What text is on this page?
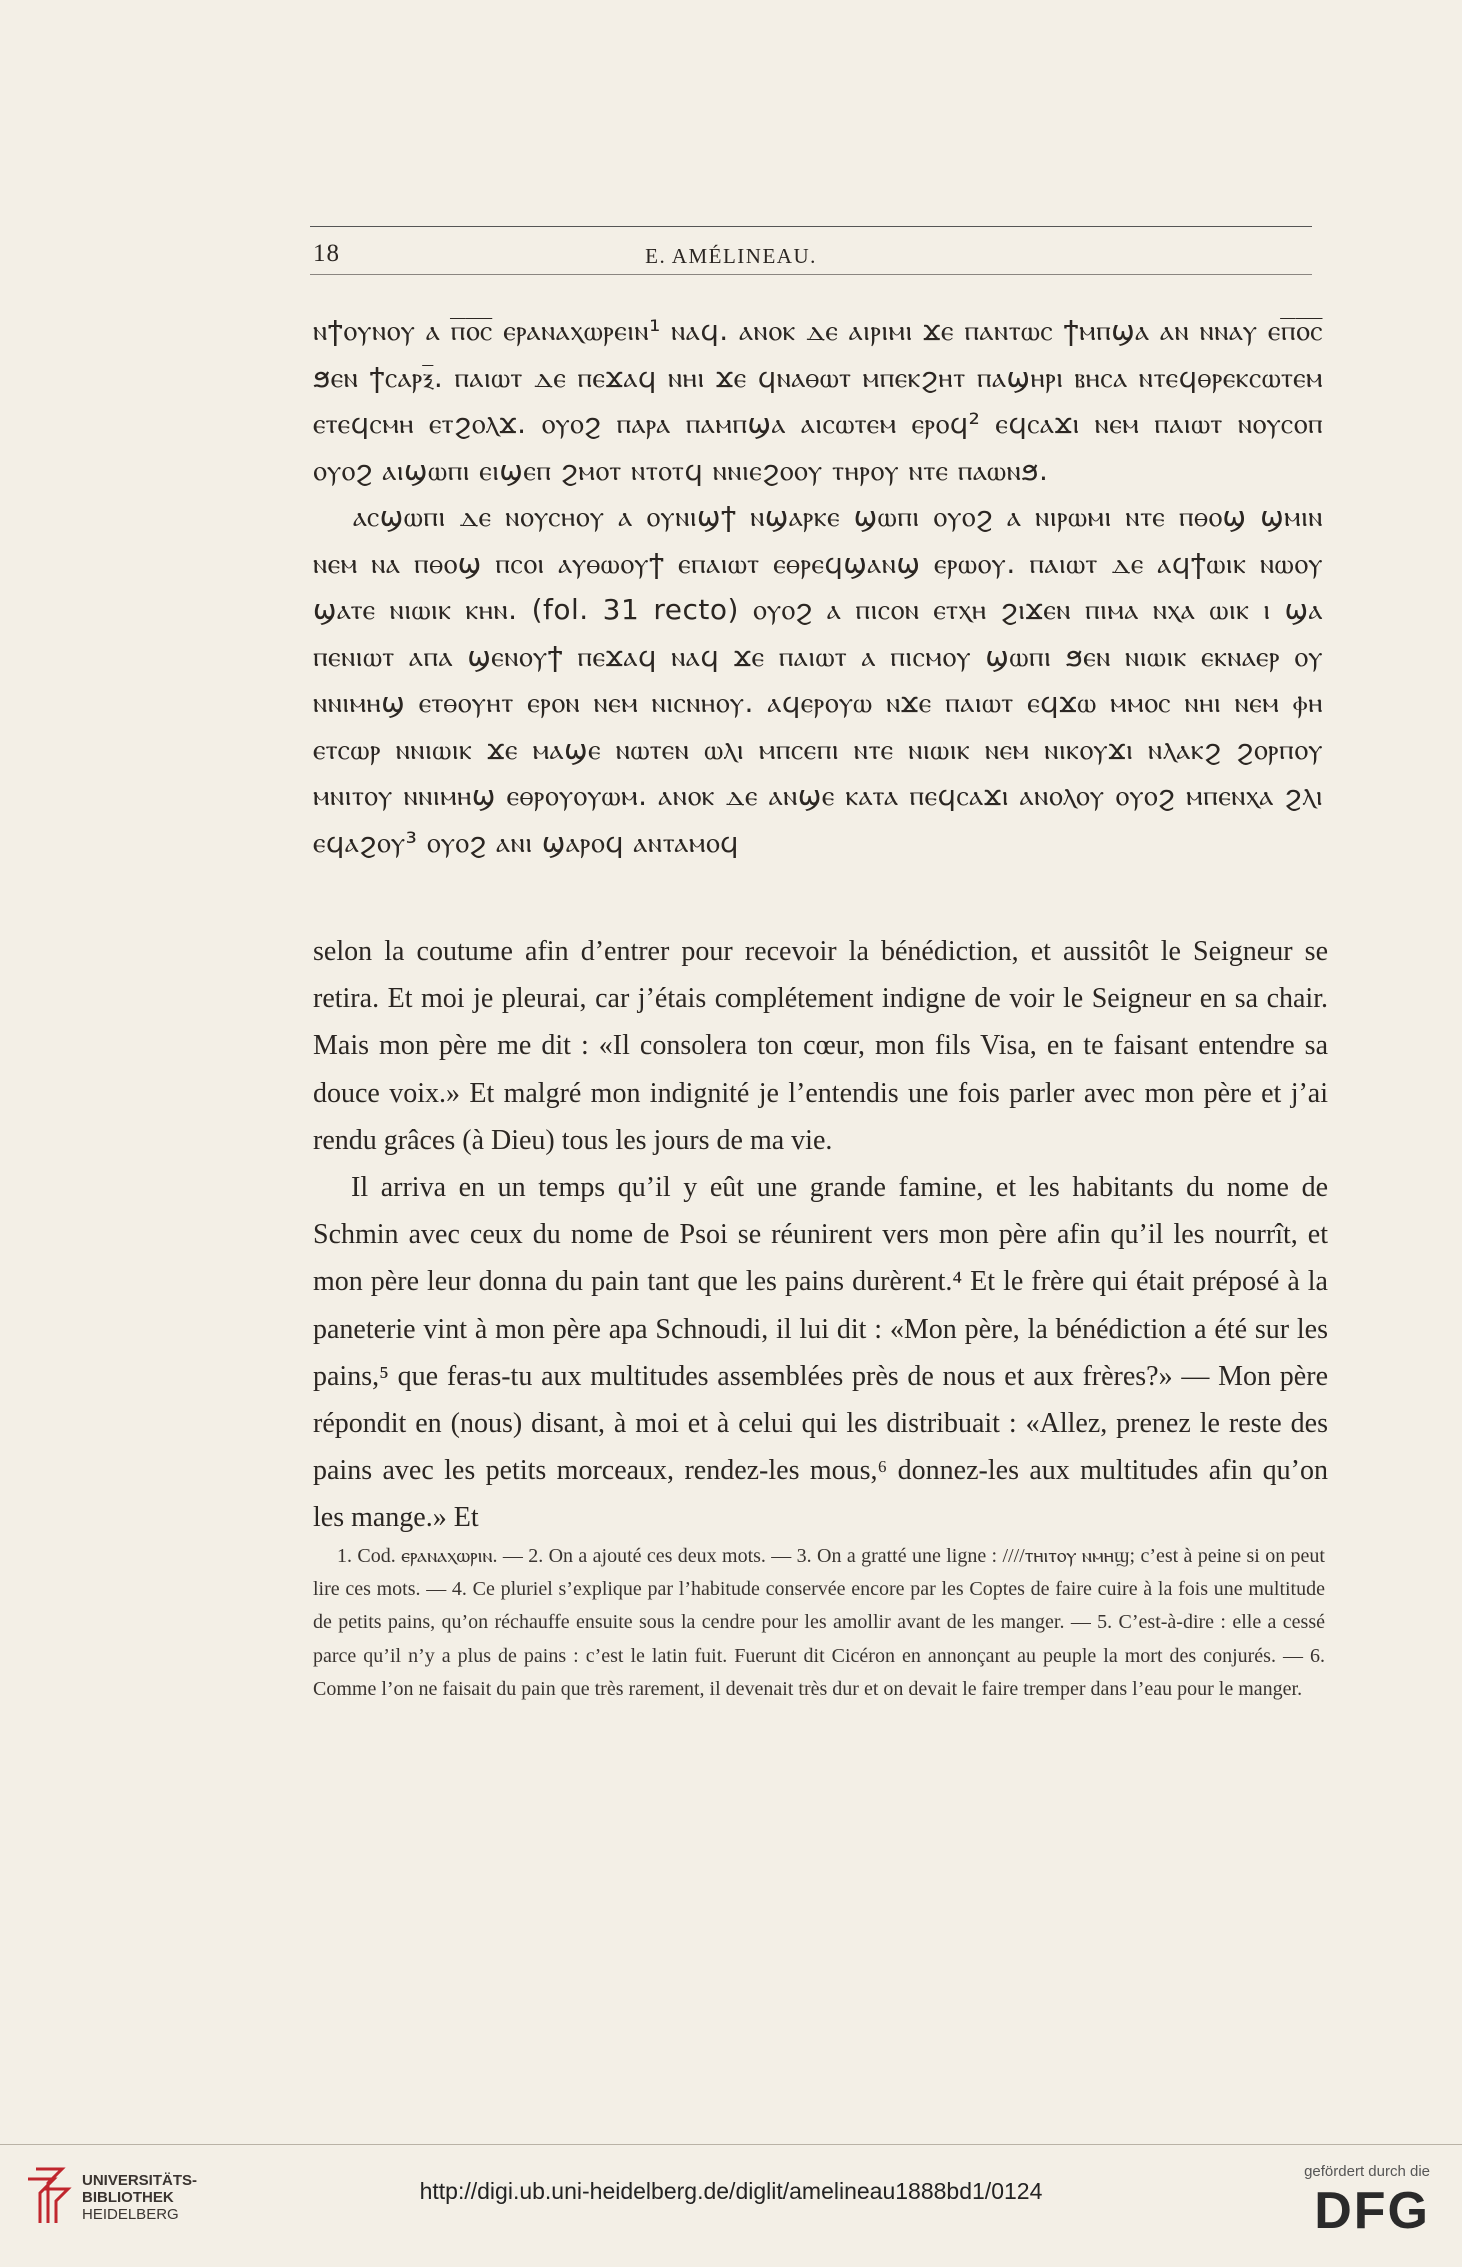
18	E. AMÉLINEAU.

ⲛϯⲟⲩⲛⲟⲩ ⲁ ⲡ̅ⲟ̅ⲥ̅ ⲉⲣⲁⲛⲁⲭⲱⲣⲉⲓⲛ¹ ⲛⲁϥ. ⲁⲛⲟⲕ ⲇⲉ ⲁⲓⲣⲓⲙⲓ ϫⲉ ⲡⲁⲛⲧⲱⲥ ϯⲙⲡϣⲁ ⲁⲛ ⲛⲛⲁⲩ ⲉⲡ̅ⲟ̅ⲥ̅ ϧⲉⲛ ϯⲥⲁⲣⲝ̅. ⲡⲁⲓⲱⲧ ⲇⲉ ⲡⲉϫⲁϥ ⲛⲏⲓ ϫⲉ ϥⲛⲁⲑⲱⲧ ⲙⲡⲉⲕϩⲏⲧ ⲡⲁϣⲏⲣⲓ ⲃⲏⲥⲁ ⲛⲧⲉϥⲑⲣⲉⲕⲥⲱⲧⲉⲙ ⲉⲧⲉϥⲥⲙⲏ ⲉⲧϩⲟⲗϫ. ⲟⲩⲟϩ ⲡⲁⲣⲁ ⲡⲁⲙⲡϣⲁ ⲁⲓⲥⲱⲧⲉⲙ ⲉⲣⲟϥ² ⲉϥⲥⲁϫⲓ ⲛⲉⲙ ⲡⲁⲓⲱⲧ ⲛⲟⲩⲥⲟⲡ ⲟⲩⲟϩ ⲁⲓϣⲱⲡⲓ ⲉⲓϣⲉⲡ ϩⲙⲟⲧ ⲛⲧⲟⲧϥ ⲛⲛⲓⲉϩⲟⲟⲩ ⲧⲏⲣⲟⲩ ⲛⲧⲉ ⲡⲁⲱⲛϧ.

ⲁⲥϣⲱⲡⲓ ⲇⲉ ⲛⲟⲩⲥⲏⲟⲩ ⲁ ⲟⲩⲛⲓϣϯ ⲛϣⲁⲣⲕⲉ ϣⲱⲡⲓ ⲟⲩⲟϩ ⲁ ⲛⲓⲣⲱⲙⲓ ⲛⲧⲉ ⲡⲑⲟϣ ϣⲙⲓⲛ ⲛⲉⲙ ⲛⲁ ⲡⲑⲟϣ ⲡⲥⲟⲓ ⲁⲩⲑⲱⲟⲩϯ ⲉⲡⲁⲓⲱⲧ ⲉⲑⲣⲉϥϣⲁⲛϣ ⲉⲣⲱⲟⲩ. ⲡⲁⲓⲱⲧ ⲇⲉ ⲁϥϯⲱⲓⲕ ⲛⲱⲟⲩ ϣⲁⲧⲉ ⲛⲓⲱⲓⲕ ⲕⲏⲛ. (fol. 31 recto) ⲟⲩⲟϩ ⲁ ⲡⲓⲥⲟⲛ ⲉⲧⲭⲏ ϩⲓϫⲉⲛ ⲡⲓⲙⲁ ⲛⲭⲁ ⲱⲓⲕ ⲓ ϣⲁ ⲡⲉⲛⲓⲱⲧ ⲁⲡⲁ ϣⲉⲛⲟⲩϯ ⲡⲉϫⲁϥ ⲛⲁϥ ϫⲉ ⲡⲁⲓⲱⲧ ⲁ ⲡⲓⲥⲙⲟⲩ ϣⲱⲡⲓ ϧⲉⲛ ⲛⲓⲱⲓⲕ ⲉⲕⲛⲁⲉⲣ ⲟⲩ ⲛⲛⲓⲙⲏϣ ⲉⲧⲑⲟⲩⲏⲧ ⲉⲣⲟⲛ ⲛⲉⲙ ⲛⲓⲥⲛⲏⲟⲩ. ⲁϥⲉⲣⲟⲩⲱ ⲛϫⲉ ⲡⲁⲓⲱⲧ ⲉϥϫⲱ ⲙⲙⲟⲥ ⲛⲏⲓ ⲛⲉⲙ ⲫⲏ ⲉⲧⲥⲱⲣ ⲛⲛⲓⲱⲓⲕ ϫⲉ ⲙⲁϣⲉ ⲛⲱⲧⲉⲛ ⲱⲗⲓ ⲙⲡⲥⲉⲡⲓ ⲛⲧⲉ ⲛⲓⲱⲓⲕ ⲛⲉⲙ ⲛⲓⲕⲟⲩϫⲓ ⲛⲗⲁⲕϩ ϩⲟⲣⲡⲟⲩ ⲙⲛⲓⲧⲟⲩ ⲛⲛⲓⲙⲏϣ ⲉⲑⲣⲟⲩⲟⲩⲱⲙ. ⲁⲛⲟⲕ ⲇⲉ ⲁⲛϣⲉ ⲕⲁⲧⲁ ⲡⲉϥⲥⲁϫⲓ ⲁⲛⲟⲗⲟⲩ ⲟⲩⲟϩ ⲙⲡⲉⲛⲭⲁ ϩⲗⲓ ⲉϥⲁϩⲟⲩ³ ⲟⲩⲟϩ ⲁⲛⲓ ϣⲁⲣⲟϥ ⲁⲛⲧⲁⲙⲟϥ

selon la coutume afin d’entrer pour recevoir la bénédiction, et aussitôt le Seigneur se retira. Et moi je pleurai, car j’étais complétement indigne de voir le Seigneur en sa chair. Mais mon père me dit : «Il consolera ton cœur, mon fils Visa, en te faisant entendre sa douce voix.» Et malgré mon indignité je l’entendis une fois parler avec mon père et j’ai rendu grâces (à Dieu) tous les jours de ma vie.

Il arriva en un temps qu’il y eût une grande famine, et les habitants du nome de Schmin avec ceux du nome de Psoi se réunirent vers mon père afin qu’il les nourrît, et mon père leur donna du pain tant que les pains durèrent.⁴ Et le frère qui était préposé à la paneterie vint à mon père apa Schnoudi, il lui dit : «Mon père, la bénédiction a été sur les pains,⁵ que feras-tu aux multitudes assemblées près de nous et aux frères?» — Mon père répondit en (nous) disant, à moi et à celui qui les distribuait : «Allez, prenez le reste des pains avec les petits morceaux, rendez-les mous,⁶ donnez-les aux multitudes afin qu’on les mange.» Et

1. Cod. ⲉⲣⲁⲛⲁⲭⲱⲣⲓⲛ. — 2. On a ajouté ces deux mots. — 3. On a gratté une ligne : ////ⲧⲏⲓⲧⲟⲩ ⲛⲙⲏϣ; c’est à peine si on peut lire ces mots. — 4. Ce pluriel s’explique par l’habitude conservée encore par les Coptes de faire cuire à la fois une multitude de petits pains, qu’on réchauffe ensuite sous la cendre pour les amollir avant de les manger. — 5. C’est-à-dire : elle a cessé parce qu’il n’y a plus de pains : c’est le latin fuit. Fuerunt dit Cicéron en annonçant au peuple la mort des conjurés. — 6. Comme l’on ne faisait du pain que très rarement, il devenait très dur et on devait le faire tremper dans l’eau pour le manger.

UNIVERSITÄTS-
BIBLIOTHEK
HEIDELBERG
http://digi.ub.uni-heidelberg.de/diglit/amelineau1888bd1/0124
gefördert durch die
DFG
